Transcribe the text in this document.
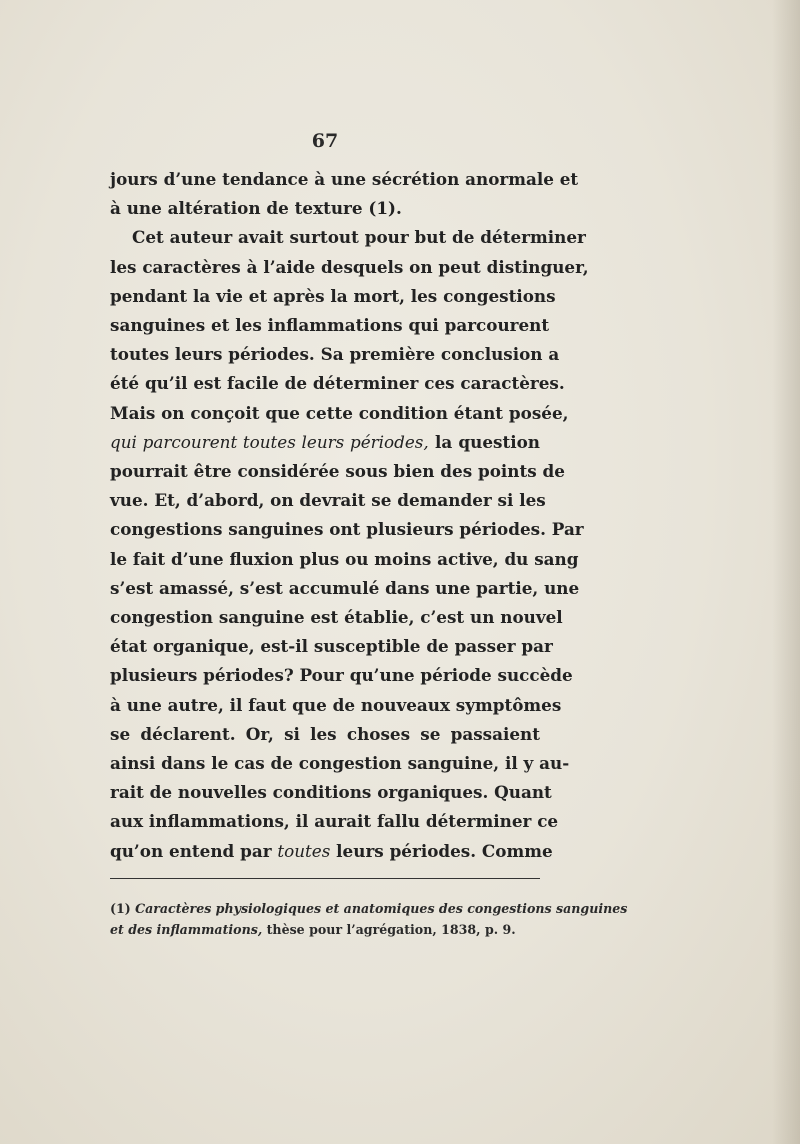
67
jours d’une tendance à une sécrétion anormale et
à une altération de texture (1).
Cet auteur avait surtout pour but de déterminer
les caractères à l’aide desquels on peut distinguer,
pendant la vie et après la mort, les congestions
sanguines et les inflammations qui parcourent
toutes leurs périodes. Sa première conclusion a
été qu’il est facile de déterminer ces caractères.
Mais on conçoit que cette condition étant posée,
qui parcourent toutes leurs périodes, la question
pourrait être considérée sous bien des points de
vue. Et, d’abord, on devrait se demander si les
congestions sanguines ont plusieurs périodes. Par
le fait d’une fluxion plus ou moins active, du sang
s’est amassé, s’est accumulé dans une partie, une
congestion sanguine est établie, c’est un nouvel
état organique, est-il susceptible de passer par
plusieurs périodes? Pour qu’une période succède
à une autre, il faut que de nouveaux symptômes
se déclarent. Or, si les choses se passaient
ainsi dans le cas de congestion sanguine, il y au-
rait de nouvelles conditions organiques. Quant
aux inflammations, il aurait fallu déterminer ce
qu’on entend par toutes leurs périodes. Comme
(1) Caractères physiologiques et anatomiques des congestions sanguines
et des inflammations, thèse pour l’agrégation, 1838, p. 9.
